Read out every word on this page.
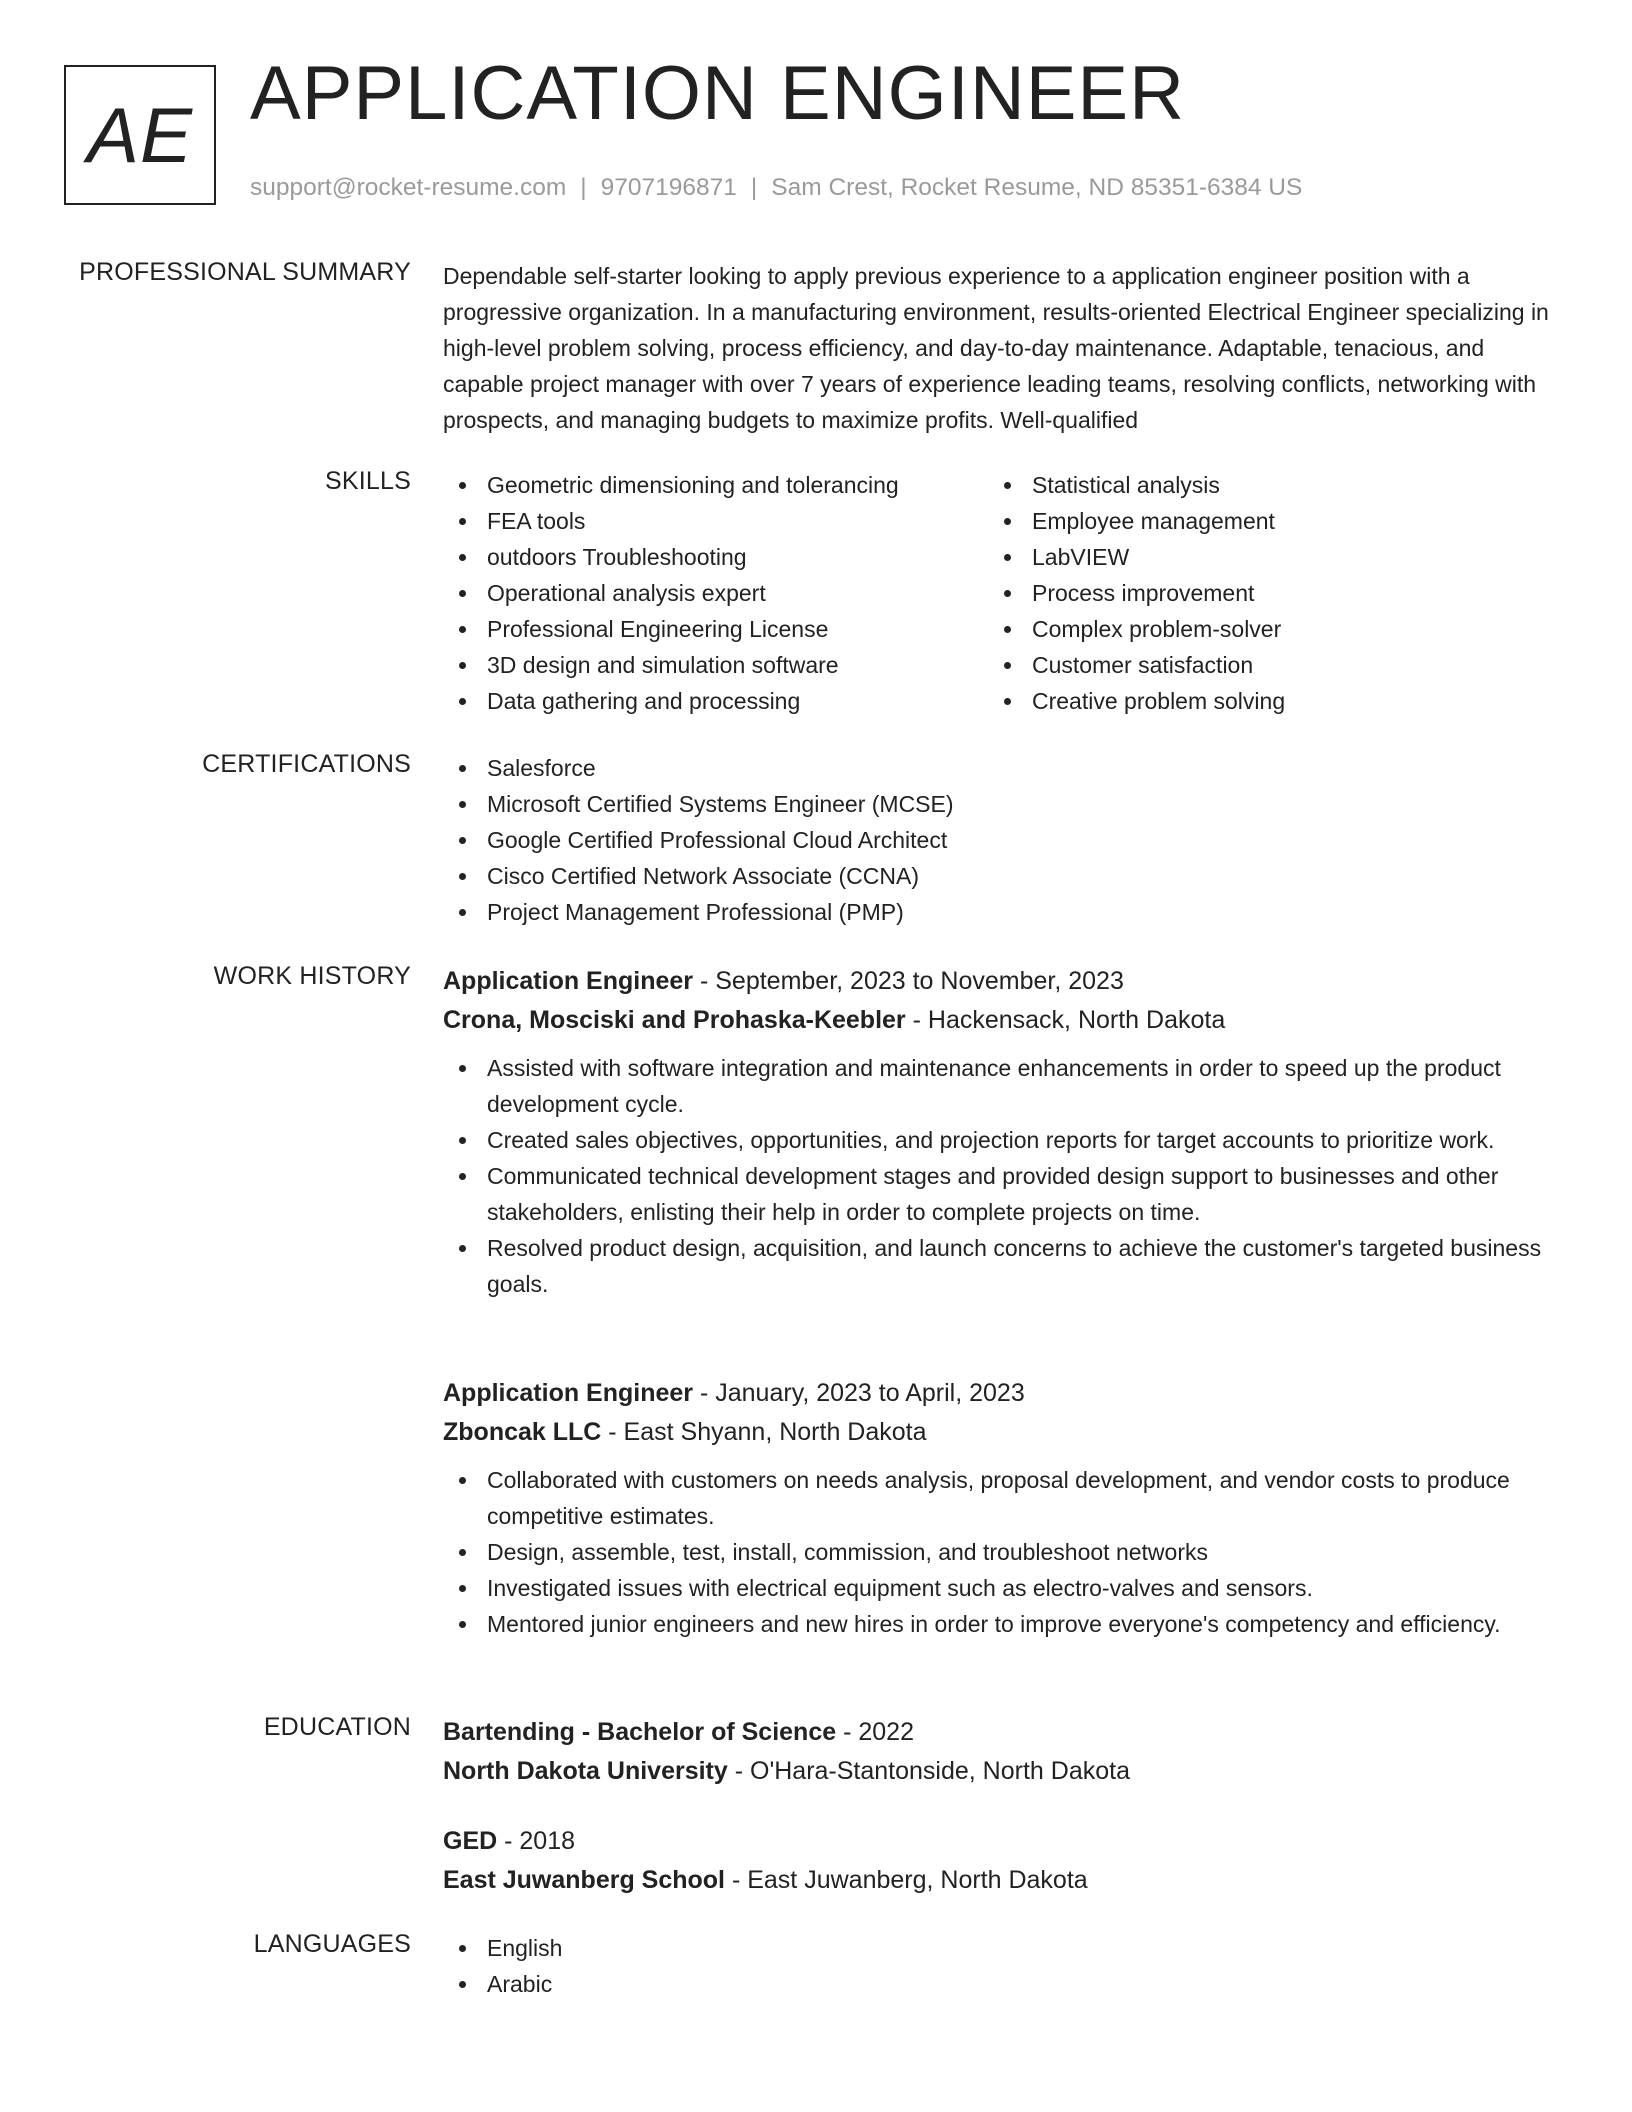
AE APPLICATION ENGINEER
support@rocket-resume.com | 9707196871 | Sam Crest, Rocket Resume, ND 85351-6384 US
PROFESSIONAL SUMMARY Dependable self-starter looking to apply previous experience to a application engineer position with a progressive organization. In a manufacturing environment, results-oriented Electrical Engineer specializing in high-level problem solving, process efficiency, and day-to-day maintenance. Adaptable, tenacious, and capable project manager with over 7 years of experience leading teams, resolving conflicts, networking with prospects, and managing budgets to maximize profits. Well-qualified
SKILLS	Geometric dimensioning and tolerancing
FEA tools
outdoors Troubleshooting
Operational analysis expert
Professional Engineering License
3D design and simulation software
Data gathering and processing
Statistical analysis
Employee management
LabVIEW
Process improvement
Complex problem-solver
Customer satisfaction
Creative problem solving
CERTIFICATIONS	Salesforce
Microsoft Certified Systems Engineer (MCSE)
Google Certified Professional Cloud Architect
Cisco Certified Network Associate (CCNA)
Project Management Professional (PMP)
WORK HISTORY Application Engineer - September, 2023 to November, 2023
Crona, Mosciski and Prohaska-Keebler - Hackensack, North Dakota
Assisted with software integration and maintenance enhancements in order to speed up the product development cycle.
Created sales objectives, opportunities, and projection reports for target accounts to prioritize work.
Communicated technical development stages and provided design support to businesses and other stakeholders, enlisting their help in order to complete projects on time.
Resolved product design, acquisition, and launch concerns to achieve the customer's targeted business goals.
Application Engineer - January, 2023 to April, 2023
Zboncak LLC - East Shyann, North Dakota
Collaborated with customers on needs analysis, proposal development, and vendor costs to produce competitive estimates.
Design, assemble, test, install, commission, and troubleshoot networks
Investigated issues with electrical equipment such as electro-valves and sensors.
Mentored junior engineers and new hires in order to improve everyone's competency and efficiency.
EDUCATION Bartending - Bachelor of Science - 2022
North Dakota University - O'Hara-Stantonside, North Dakota
GED - 2018
East Juwanberg School - East Juwanberg, North Dakota
LANGUAGES	English
Arabic
